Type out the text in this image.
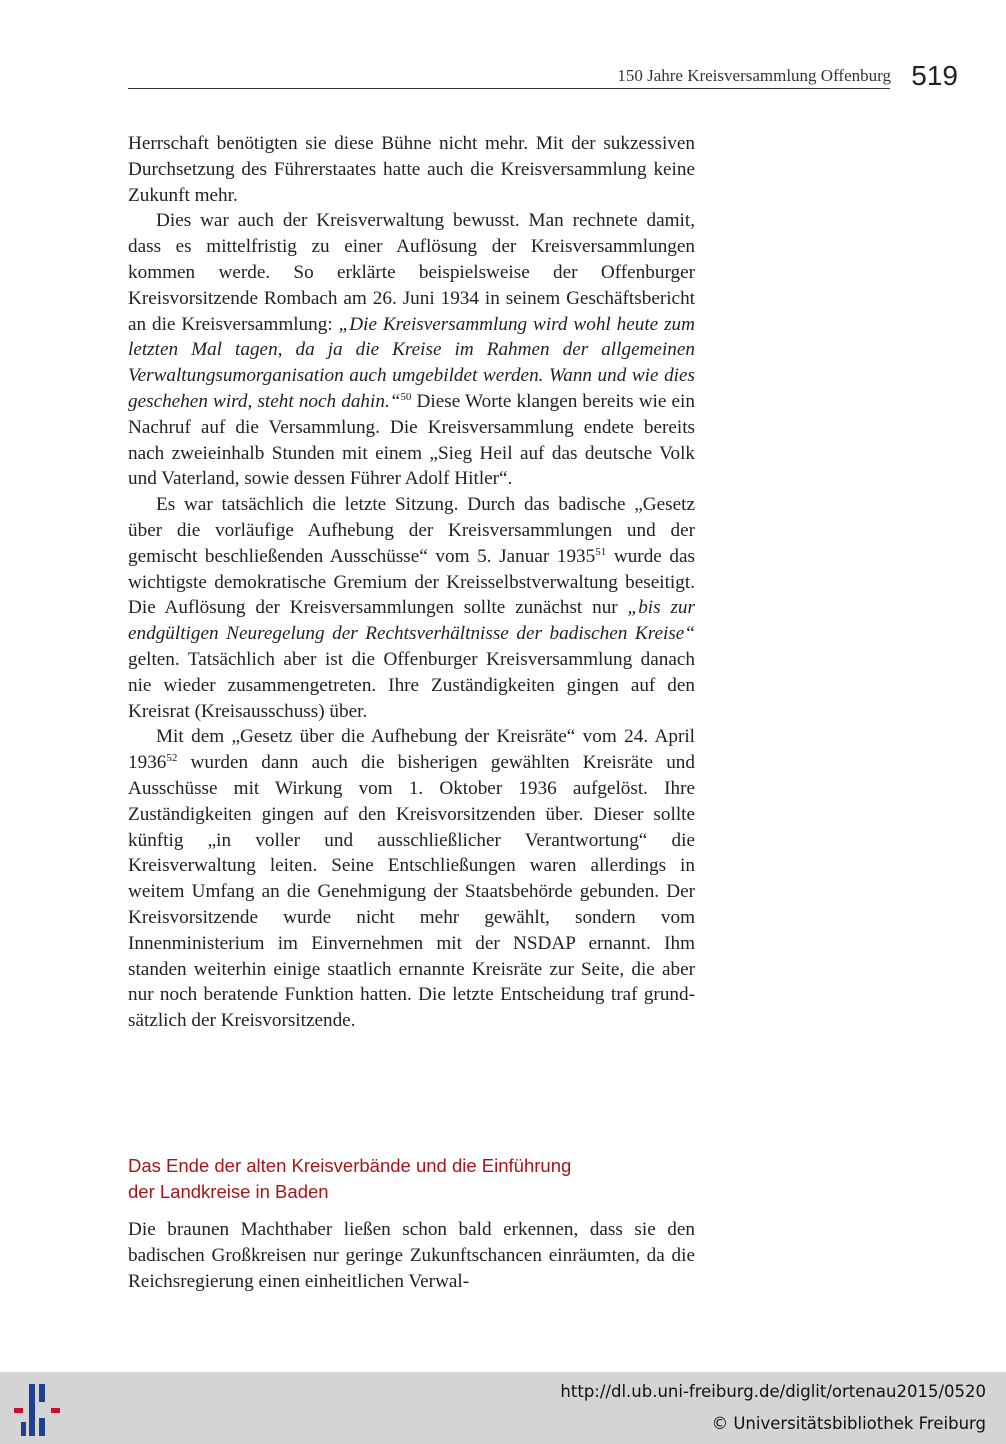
150 Jahre Kreisversammlung Offenburg 519

Herrschaft benötigten sie diese Bühne nicht mehr. Mit der sukzessiven Durchsetzung des Führerstaates hatte auch die Kreisversammlung keine Zukunft mehr.

Dies war auch der Kreisverwaltung bewusst. Man rechnete damit, dass es mittelfristig zu einer Auflösung der Kreisversammlungen kommen werde. So erklärte beispielsweise der Offenburger Kreisvorsitzende Rombach am 26. Juni 1934 in seinem Geschäftsbericht an die Kreisversammlung: „Die Kreisversammlung wird wohl heute zum letzten Mal tagen, da ja die Kreise im Rahmen der allgemeinen Verwaltungsumorganisation auch umgebildet werden. Wann und wie dies geschehen wird, steht noch dahin.“$^{50}$ Diese Worte klangen bereits wie ein Nachruf auf die Versammlung. Die Kreisversammlung endete bereits nach zweieinhalb Stunden mit einem „Sieg Heil auf das deutsche Volk und Vaterland, sowie dessen Führer Adolf Hitler“.

Es war tatsächlich die letzte Sitzung. Durch das badische „Gesetz über die vorläufige Aufhebung der Kreisversammlungen und der gemischt beschließenden Ausschüsse“ vom 5. Januar 1935$^{51}$ wurde das wichtigste demokratische Gremium der Kreisselbstverwaltung beseitigt. Die Auflösung der Kreisversammlungen sollte zunächst nur „bis zur endgültigen Neuregelung der Rechtsverhältnisse der badischen Kreise“ gelten. Tatsächlich aber ist die Offenburger Kreisversammlung danach nie wieder zusammengetreten. Ihre Zuständigkeiten gingen auf den Kreisrat (Kreisausschuss) über.

Mit dem „Gesetz über die Aufhebung der Kreisräte“ vom 24. April 1936$^{52}$ wurden dann auch die bisherigen gewählten Kreisräte und Ausschüsse mit Wirkung vom 1. Oktober 1936 aufgelöst. Ihre Zuständigkeiten gingen auf den Kreisvorsitzenden über. Dieser sollte künftig „in voller und ausschließlicher Verantwortung“ die Kreisverwaltung leiten. Seine Entschließungen waren allerdings in weitem Umfang an die Genehmigung der Staatsbehörde gebunden. Der Kreisvorsitzende wurde nicht mehr gewählt, sondern vom Innenministerium im Einvernehmen mit der NSDAP ernannt. Ihm standen weiterhin einige staatlich ernannte Kreisräte zur Seite, die aber nur noch beratende Funktion hatten. Die letzte Entscheidung traf grundsätzlich der Kreisvorsitzende.

Das Ende der alten Kreisverbände und die Einführung
der Landkreise in Baden

Die braunen Machthaber ließen schon bald erkennen, dass sie den badischen Großkreisen nur geringe Zukunftschancen einräumten, da die Reichsregierung einen einheitlichen Verwal-

http://dl.ub.uni-freiburg.de/diglit/ortenau2015/0520
© Universitätsbibliothek Freiburg
